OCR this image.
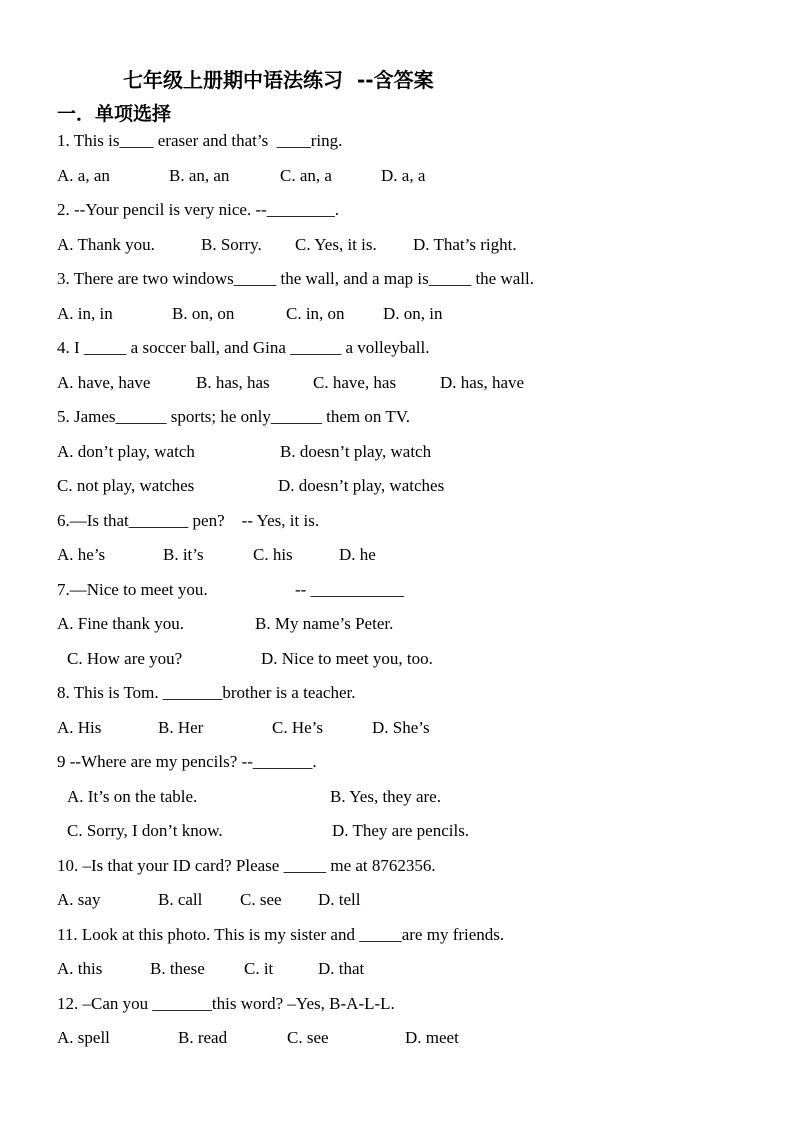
七年级上册期中语法练习 --含答案
一．单项选择
1. This is____ eraser and that’s  ____ring.
A. a, an	B. an, an	C. an, a	D. a, a
2. --Your pencil is very nice. --________.
A. Thank you.	B. Sorry. C. Yes, it is. D. That’s right.
3. There are two windows_____ the wall, and a map is_____ the wall.
A. in, in	B. on, on	C. in, on D. on, in
4. I _____ a soccer ball, and Gina ______ a volleyball.
A. have, have	B. has, has	C. have, has	D. has, have
5. James______ sports; he only______ them on TV.
A. don’t play, watch	B. doesn’t play, watch
C. not play, watches	D. doesn’t play, watches
6.—Is that_______ pen?    -- Yes, it is.
A. he’s	B. it’s	C. his	D. he
7.—Nice to meet you.	-- ___________
A. Fine thank you.	B. My name’s Peter.
C. How are you?	D. Nice to meet you, too.
8. This is Tom. _______brother is a teacher.
A. His	B. Her	C. He’s	D. She’s
9 --Where are my pencils? --_______.
A. It’s on the table.	B. Yes, they are.
C. Sorry, I don’t know.	D. They are pencils.
10. –Is that your ID card? Please _____ me at 8762356.
A. say	B. call C. see D. tell
11. Look at this photo. This is my sister and _____are my friends.
A. this	B. these C. it	D. that
12. –Can you _______this word? –Yes, B-A-L-L.
A. spell	B. read	C. see	D. meet
